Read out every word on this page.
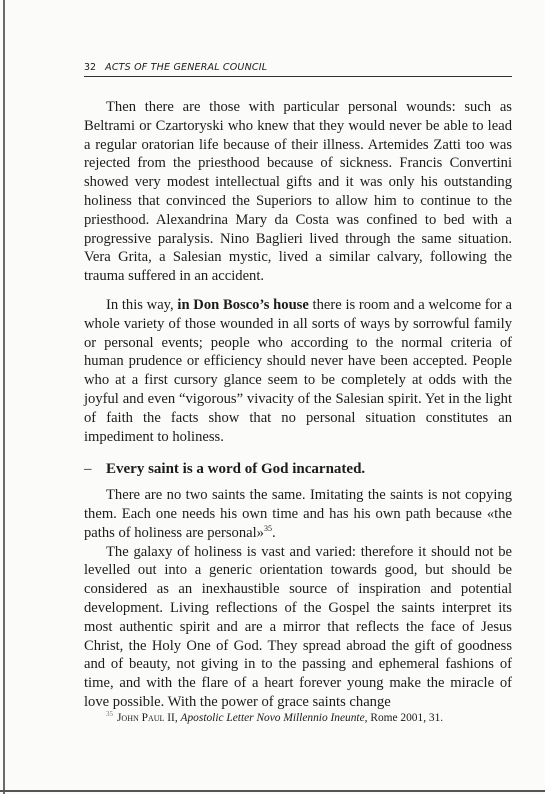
32 ACTS OF THE GENERAL COUNCIL

Then there are those with particular personal wounds: such as Beltrami or Czartoryski who knew that they would never be able to lead a regular oratorian life because of their illness. Artemides Zatti too was rejected from the priesthood because of sickness. Francis Convertini showed very modest intellectual gifts and it was only his outstanding holiness that convinced the Superiors to allow him to continue to the priesthood. Alexandrina Mary da Costa was confined to bed with a progressive paralysis. Nino Baglieri lived through the same situation. Vera Grita, a Salesian mystic, lived a similar calvary, following the trauma suffered in an accident.

In this way, in Don Bosco’s house there is room and a welcome for a whole variety of those wounded in all sorts of ways by sorrowful family or personal events; people who according to the normal criteria of human prudence or efficiency should never have been accepted. People who at a first cursory glance seem to be completely at odds with the joyful and even “vigorous” vivacity of the Salesian spirit. Yet in the light of faith the facts show that no personal situation constitutes an impediment to holiness.

– Every saint is a word of God incarnated.

There are no two saints the same. Imitating the saints is not copying them. Each one needs his own time and has his own path because «the paths of holiness are personal»$^{35}$.

The galaxy of holiness is vast and varied: therefore it should not be levelled out into a generic orientation towards good, but should be considered as an inexhaustible source of inspiration and potential development. Living reflections of the Gospel the saints interpret its most authentic spirit and are a mirror that reflects the face of Jesus Christ, the Holy One of God. They spread abroad the gift of goodness and of beauty, not giving in to the passing and ephemeral fashions of time, and with the flare of a heart forever young make the miracle of love possible. With the power of grace saints change

$^{35}$ John Paul II, Apostolic Letter Novo Millennio Ineunte, Rome 2001, 31.
